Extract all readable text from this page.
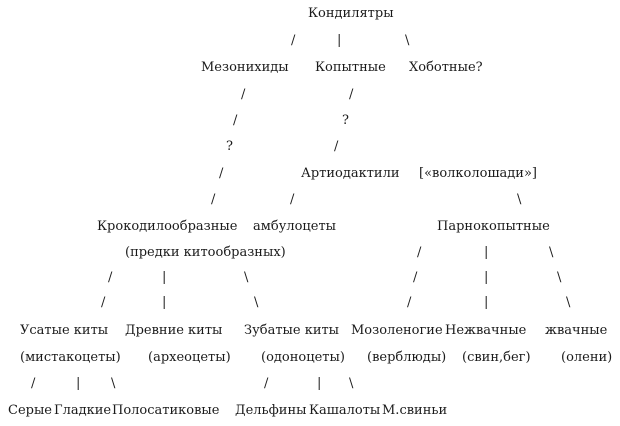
Кондилятры
/	|	\
Мезонихиды Копытные Хоботные?
/
/
?
/
/
/
?
/
Артиодактили [«волколошади»]
/	\
Крокодилообразные амбулоцеты	Парнокопытные
(предки китообразных)
/
/
|
|
\
\
/
/
/
|
|
|
\
\
\
Усатые киты Древние киты Зубатые киты Мозоленогие Нежвачные жвачные
(мистакоцеты) (археоцеты) (одоноцеты) (верблюды) (свин,бег) (олени)
/	| \	/	| \
Серые Гладкие Полосатиковые Дельфины Кашалоты М.свиньи
